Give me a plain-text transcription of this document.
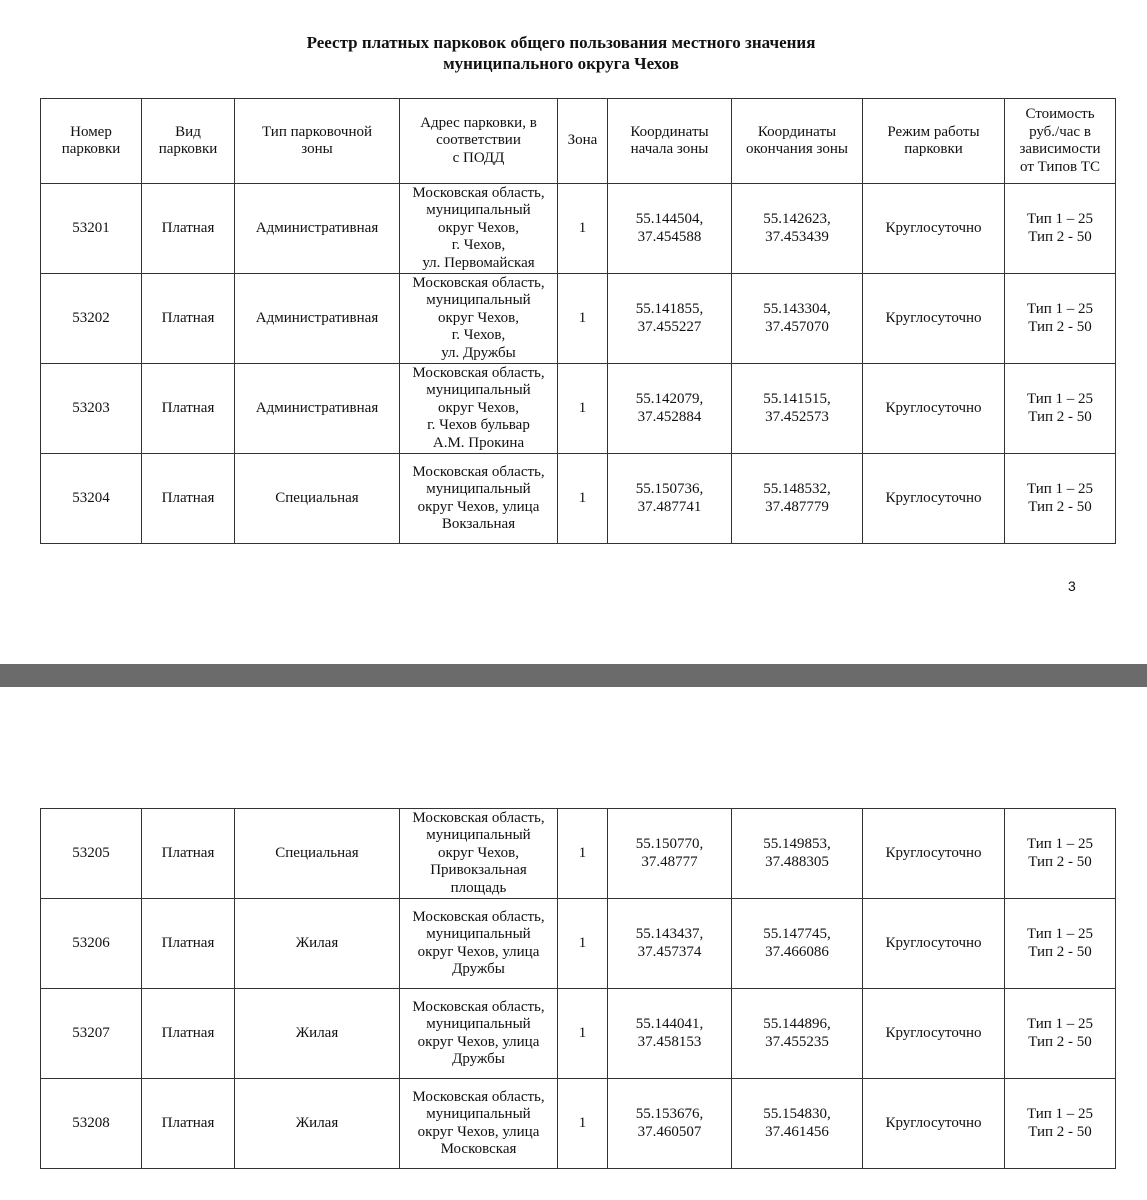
Реестр платных парковок общего пользования местного значения
муниципального округа Чехов
Номер
парковки	Вид
парковки	Тип парковочной
зоны	Адрес парковки, в
соответствии
с ПОДД	Зона	Координаты
начала зоны	Координаты
окончания зоны	Режим работы
парковки	Стоимость
руб./час в
зависимости
от Типов ТС
53201	Платная	Административная	Московская область,
муниципальный
округ Чехов,
г. Чехов,
ул. Первомайская	1	55.144504,
37.454588	55.142623,
37.453439	Круглосуточно	Тип 1 – 25
Тип 2 - 50
53202	Платная	Административная	Московская область,
муниципальный
округ Чехов,
г. Чехов,
ул. Дружбы	1	55.141855,
37.455227	55.143304,
37.457070	Круглосуточно	Тип 1 – 25
Тип 2 - 50
53203	Платная	Административная	Московская область,
муниципальный
округ Чехов,
г. Чехов бульвар
А.М. Прокина	1	55.142079,
37.452884	55.141515,
37.452573	Круглосуточно	Тип 1 – 25
Тип 2 - 50
53204	Платная	Специальная	Московская область,
муниципальный
округ Чехов, улица
Вокзальная	1	55.150736,
37.487741	55.148532,
37.487779	Круглосуточно	Тип 1 – 25
Тип 2 - 50
3
53205	Платная	Специальная	Московская область,
муниципальный
округ Чехов,
Привокзальная
площадь	1	55.150770,
37.48777	55.149853,
37.488305	Круглосуточно	Тип 1 – 25
Тип 2 - 50
53206	Платная	Жилая	Московская область,
муниципальный
округ Чехов, улица
Дружбы	1	55.143437,
37.457374	55.147745,
37.466086	Круглосуточно	Тип 1 – 25
Тип 2 - 50
53207	Платная	Жилая	Московская область,
муниципальный
округ Чехов, улица
Дружбы	1	55.144041,
37.458153	55.144896,
37.455235	Круглосуточно	Тип 1 – 25
Тип 2 - 50
53208	Платная	Жилая	Московская область,
муниципальный
округ Чехов, улица
Московская	1	55.153676,
37.460507	55.154830,
37.461456	Круглосуточно	Тип 1 – 25
Тип 2 - 50
